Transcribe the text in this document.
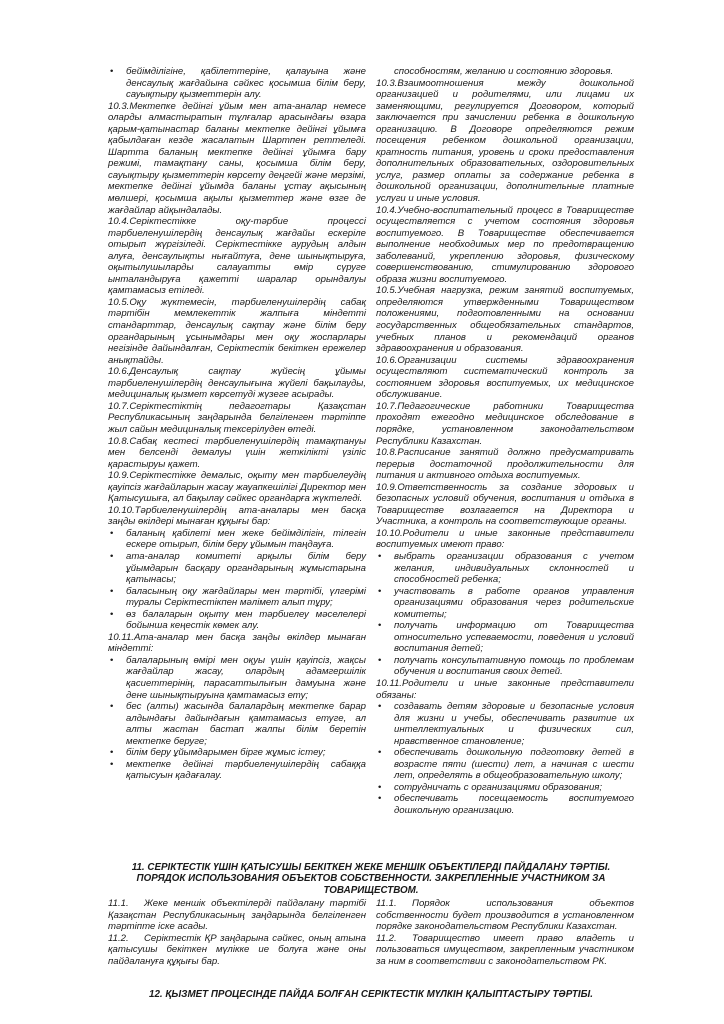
• бейімділігіне, қабілеттеріне, қалауына және денсаулық жағдайына сәйкес қосымша білім беру, сауықтыру қызметтерін алу.

10.3.Мектепке дейінгі ұйым мен ата-аналар немесе оларды алмастыратын тұлғалар арасындағы өзара қарым-қатынастар баланы мектепке дейінгі ұйымға қабылдаған кезде жасалатын Шартпен реттеледі. Шартта баланың мектепке дейінгі ұйымға бару режимі, тамақтану саны, қосымша білім беру, сауықтыру қызметтерін көрсету деңгейі және мерзімі, мектепке дейінгі ұйымда баланы ұстау ақысының мөлшері, қосымша ақылы қызметтер және өзге де жағдайлар айқындалады.

10.4.Серіктестікке оқу-тәрбие процессі тәрбиеленушілердің денсаулық жағдайы ескеріле отырып жүргізіледі. Серіктестікке аурудың алдын алуға, денсаулықты нығайтуға, дене шынықтыруға, оқытылушыларды салауатты өмір сүруге ынталандыруға қажетті шаралар орындалуы қамтамасыз етіледі.

10.5.Оқу жүктемесін, тәрбиеленушілердің сабақ тәртібін мемлекеттік жалпыға міндетті стандарттар, денсаулық сақтау және білім беру органдарының ұсынымдары мен оқу жоспарлары негізінде дайындалған, Серіктестік бекіткен ережелер анықтайды.

10.6.Денсаулық сақтау жүйесің ұйымы тәрбиеленушілердің денсаулығына жүйелі бақылауды, медициналық қызмет көрсетуді жүзеге асырады.

10.7.Серіктестіктің педагогтары Қазақстан Республикасының заңдарында белгіленген тәртіппе жыл сайын медициналық тексерілуден өтеді.

10.8.Сабақ кестесі тәрбиеленушілердің тамақтануы мен белсенді демалуы үшін жеткілікті үзіліс қарастыруы қажет.

10.9.Серіктестікке демалыс, оқыту мен тәрбиелеудің қауіпсіз жағдайларын жасау жауапкешілігі Директор мен Қатысушыға, ал бақылау сәйкес органдарға жүктеледі.

10.10.Тәрбиеленушілердің ата-аналары мен басқа заңды өкілдері мынаған құқығы бар:

• баланың қабілеті мен жеке бейімділігін, тілегін ескере отырып, білім беру ұйымын таңдауға.
• ата-аналар комитеті арқылы білім беру ұйымдарын басқару органдарының жұмыстарына қатынасы;
• баласының оқу жағдайлары мен тәртібі, үлгерімі туралы Серіктестікпен мәлімет алып тұру;
• өз балаларын оқыту мен тәрбиелеу мәселелері бойынша кеңестік көмек алу.

10.11.Ата-аналар мен басқа заңды өкілдер мынаған міндетті:

• балаларының өмірі мен оқуы үшін қауіпсіз, жақсы жағдайлар жасау, олардың адамгершілік қасиеттерінің, парасаттылығын дамуына және дене шынықтыруына қамтамасыз ету;
• бес (алты) жасында балалардың мектепке барар алдындағы дайындағын қамтамасыз етуге, ал алты жастан бастап жалпы білім беретін мектепке беруге;
• білім беру ұйымдарымен бірге жұмыс істеу;
• мектепке дейінгі тәрбиеленушілердің сабаққа қатысуын қадағалау.

способностям, желанию и состоянию здоровья.

10.3.Взаимоотношения между дошкольной организацией и родителями, или лицами их заменяющими, регулируется Договором, который заключается при зачислении ребенка в дошкольную организацию. В Договоре определяются режим посещения ребенком дошкольной организации, кратность питания, уровень и сроки предоставления дополнительных образовательных, оздоровительных услуг, размер оплаты за содержание ребенка в дошкольной организации, дополнительные платные услуги и иные условия.

10.4.Учебно-воспитательный процесс в Товариществе осуществляется с учетом состояния здоровья воспитуемого. В Товариществе обеспечивается выполнение необходимых мер по предотвращению заболеваний, укреплению здоровья, физическому совершенствованию, стимулированию здорового образа жизни воспитуемого.

10.5.Учебная нагрузка, режим занятий воспитуемых, определяются утвержденными Товариществом положениями, подготовленными на основании государственных общеобязательных стандартов, учебных планов и рекомендаций органов здравоохранения и образования.

10.6.Организации системы здравоохранения осуществляют систематический контроль за состоянием здоровья воспитуемых, их медицинское обслуживание.

10.7.Педагогические работники Товарищества проходят ежегодно медицинское обследование в порядке, установленном законодательством Республики Казахстан.

10.8.Расписание занятий должно предусматривать перерыв достаточной продолжительности для питания и активного отдыха воспитуемых.

10.9.Ответственность за создание здоровых и безопасных условий обучения, воспитания и отдыха в Товариществе возлагается на Директора и Участника, а контроль на соответствующие органы.

10.10.Родители и иные законные представители воспитуемых имеют право:

• выбрать организации образования с учетом желания, индивидуальных склонностей и способностей ребенка;
• участвовать в работе органов управления организациями образования через родительские комитеты;
• получать информацию от Товарищества относительно успеваемости, поведения и условий воспитания детей;
• получать консультативную помощь по проблемам обучения и воспитания своих детей.

10.11.Родители и иные законные представители обязаны:

• создавать детям здоровые и безопасные условия для жизни и учебы, обеспечивать развитие их интеллектуальных и физических сил, нравственное становление;
• обеспечивать дошкольную подготовку детей в возрасте пяти (шести) лет, а начиная с шести лет, определять в общеобразовательную школу;
• сотрудничать с организациями образования;
• обеспечивать посещаемость воспитуемого дошкольную организацию.
11. СЕРІКТЕСТІК ҮШІН ҚАТЫСУШЫ БЕКІТКЕН ЖЕКЕ МЕНШІК ОБЪЕКТІЛЕРДІ ПАЙДАЛАНУ ТӘРТІБІ.
ПОРЯДОК ИСПОЛЬЗОВАНИЯ ОБЪЕКТОВ СОБСТВЕННОСТИ. ЗАКРЕПЛЕННЫЕ УЧАСТНИКОМ ЗА ТОВАРИЩЕСТВОМ.

11.1. Жеке меншік объектілерді пайдалану тәртібі Қазақстан Республикасының заңдарында белгіленген тәртіпте іске асады.

11.2. Серіктестік ҚР заңдарына сәйкес, оның атына қатысушы бекіткен мүлікке ие болуға және оны пайдалануға құқығы бар.

11.1. Порядок использования объектов собственности будет производится в установленном порядке законодательством Республики Казахстан.

11.2. Товарищество имеет право владеть и пользоваться имуществом, закрепленным участником за ним в соответствии с законодательством РК.

12. ҚЫЗМЕТ ПРОЦЕСІНДЕ ПАЙДА БОЛҒАН СЕРІКТЕСТІК МҮЛКІН ҚАЛЫПТАСТЫРУ ТӘРТІБІ.
